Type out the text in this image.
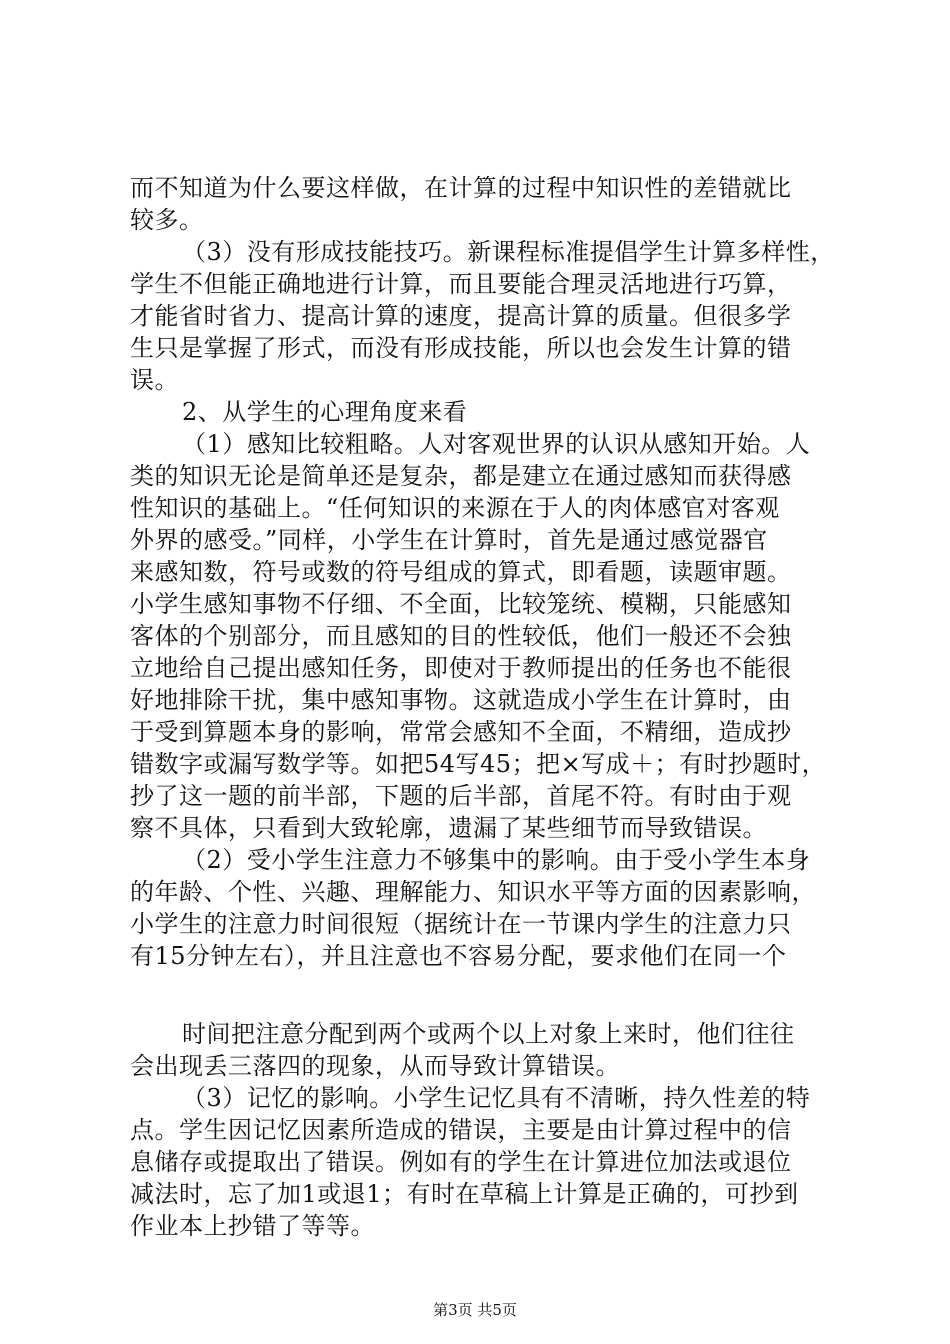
而不知道为什么要这样做，在计算的过程中知识性的差错就比
较多。
（3）没有形成技能技巧。新课程标准提倡学生计算多样性，
学生不但能正确地进行计算，而且要能合理灵活地进行巧算，
才能省时省力、提高计算的速度，提高计算的质量。但很多学
生只是掌握了形式，而没有形成技能，所以也会发生计算的错
误。
2、从学生的心理角度来看
（1）感知比较粗略。人对客观世界的认识从感知开始。人
类的知识无论是简单还是复杂，都是建立在通过感知而获得感
性知识的基础上。“任何知识的来源在于人的肉体感官对客观
外界的感受。”同样，小学生在计算时，首先是通过感觉器官
来感知数，符号或数的符号组成的算式，即看题，读题审题。
小学生感知事物不仔细、不全面，比较笼统、模糊，只能感知
客体的个别部分，而且感知的目的性较低，他们一般还不会独
立地给自己提出感知任务，即使对于教师提出的任务也不能很
好地排除干扰，集中感知事物。这就造成小学生在计算时，由
于受到算题本身的影响，常常会感知不全面，不精细，造成抄
错数字或漏写数学等。如把54写45；把×写成＋；有时抄题时，
抄了这一题的前半部，下题的后半部，首尾不符。有时由于观
察不具体，只看到大致轮廓，遗漏了某些细节而导致错误。
（2）受小学生注意力不够集中的影响。由于受小学生本身
的年龄、个性、兴趣、理解能力、知识水平等方面的因素影响，
小学生的注意力时间很短（据统计在一节课内学生的注意力只
有15分钟左右），并且注意也不容易分配，要求他们在同一个
时间把注意分配到两个或两个以上对象上来时，他们往往
会出现丢三落四的现象，从而导致计算错误。
（3）记忆的影响。小学生记忆具有不清晰，持久性差的特
点。学生因记忆因素所造成的错误，主要是由计算过程中的信
息储存或提取出了错误。例如有的学生在计算进位加法或退位
减法时，忘了加1或退1；有时在草稿上计算是正确的，可抄到
作业本上抄错了等等。
第3页 共5页
